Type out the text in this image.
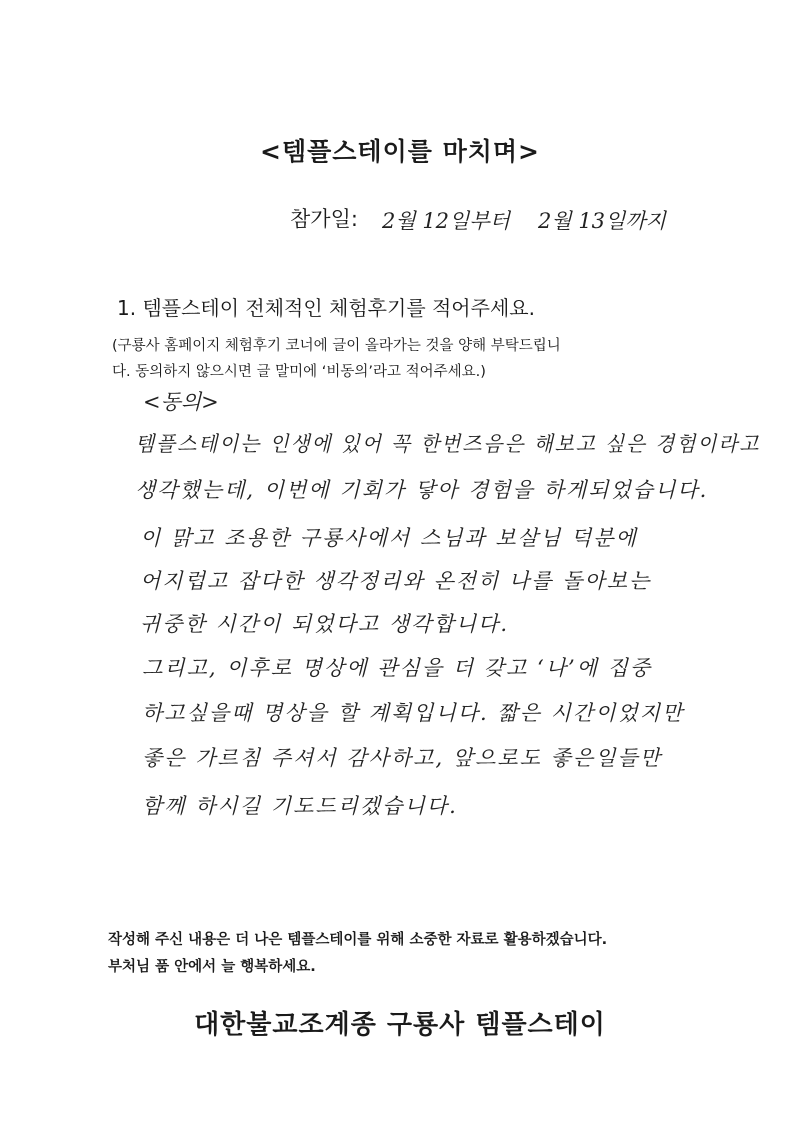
<템플스테이를 마치며>
참가일: 2월 12일부터 2월 13일까지
1. 템플스테이 전체적인 체험후기를 적어주세요.
(구룡사 홈페이지 체험후기 코너에 글이 올라가는 것을 양해 부탁드립니
다. 동의하지 않으시면 글 말미에 ‘비동의’라고 적어주세요.)
<동의>
템플스테이는 인생에 있어 꼭 한번즈음은 해보고 싶은 경험이라고
생각했는데, 이번에 기회가 닿아 경험을 하게되었습니다.
이 맑고 조용한 구룡사에서 스님과 보살님 덕분에
어지럽고 잡다한 생각정리와 온전히 나를 돌아보는
귀중한 시간이 되었다고 생각합니다.
그리고, 이후로 명상에 관심을 더 갖고 ‘나’에 집중
하고싶을때 명상을 할 계획입니다. 짧은 시간이었지만
좋은 가르침 주셔서 감사하고, 앞으로도 좋은일들만
함께 하시길 기도드리겠습니다.
작성해 주신 내용은 더 나은 템플스테이를 위해 소중한 자료로 활용하겠습니다.
부처님 품 안에서 늘 행복하세요.
대한불교조계종 구룡사 템플스테이
